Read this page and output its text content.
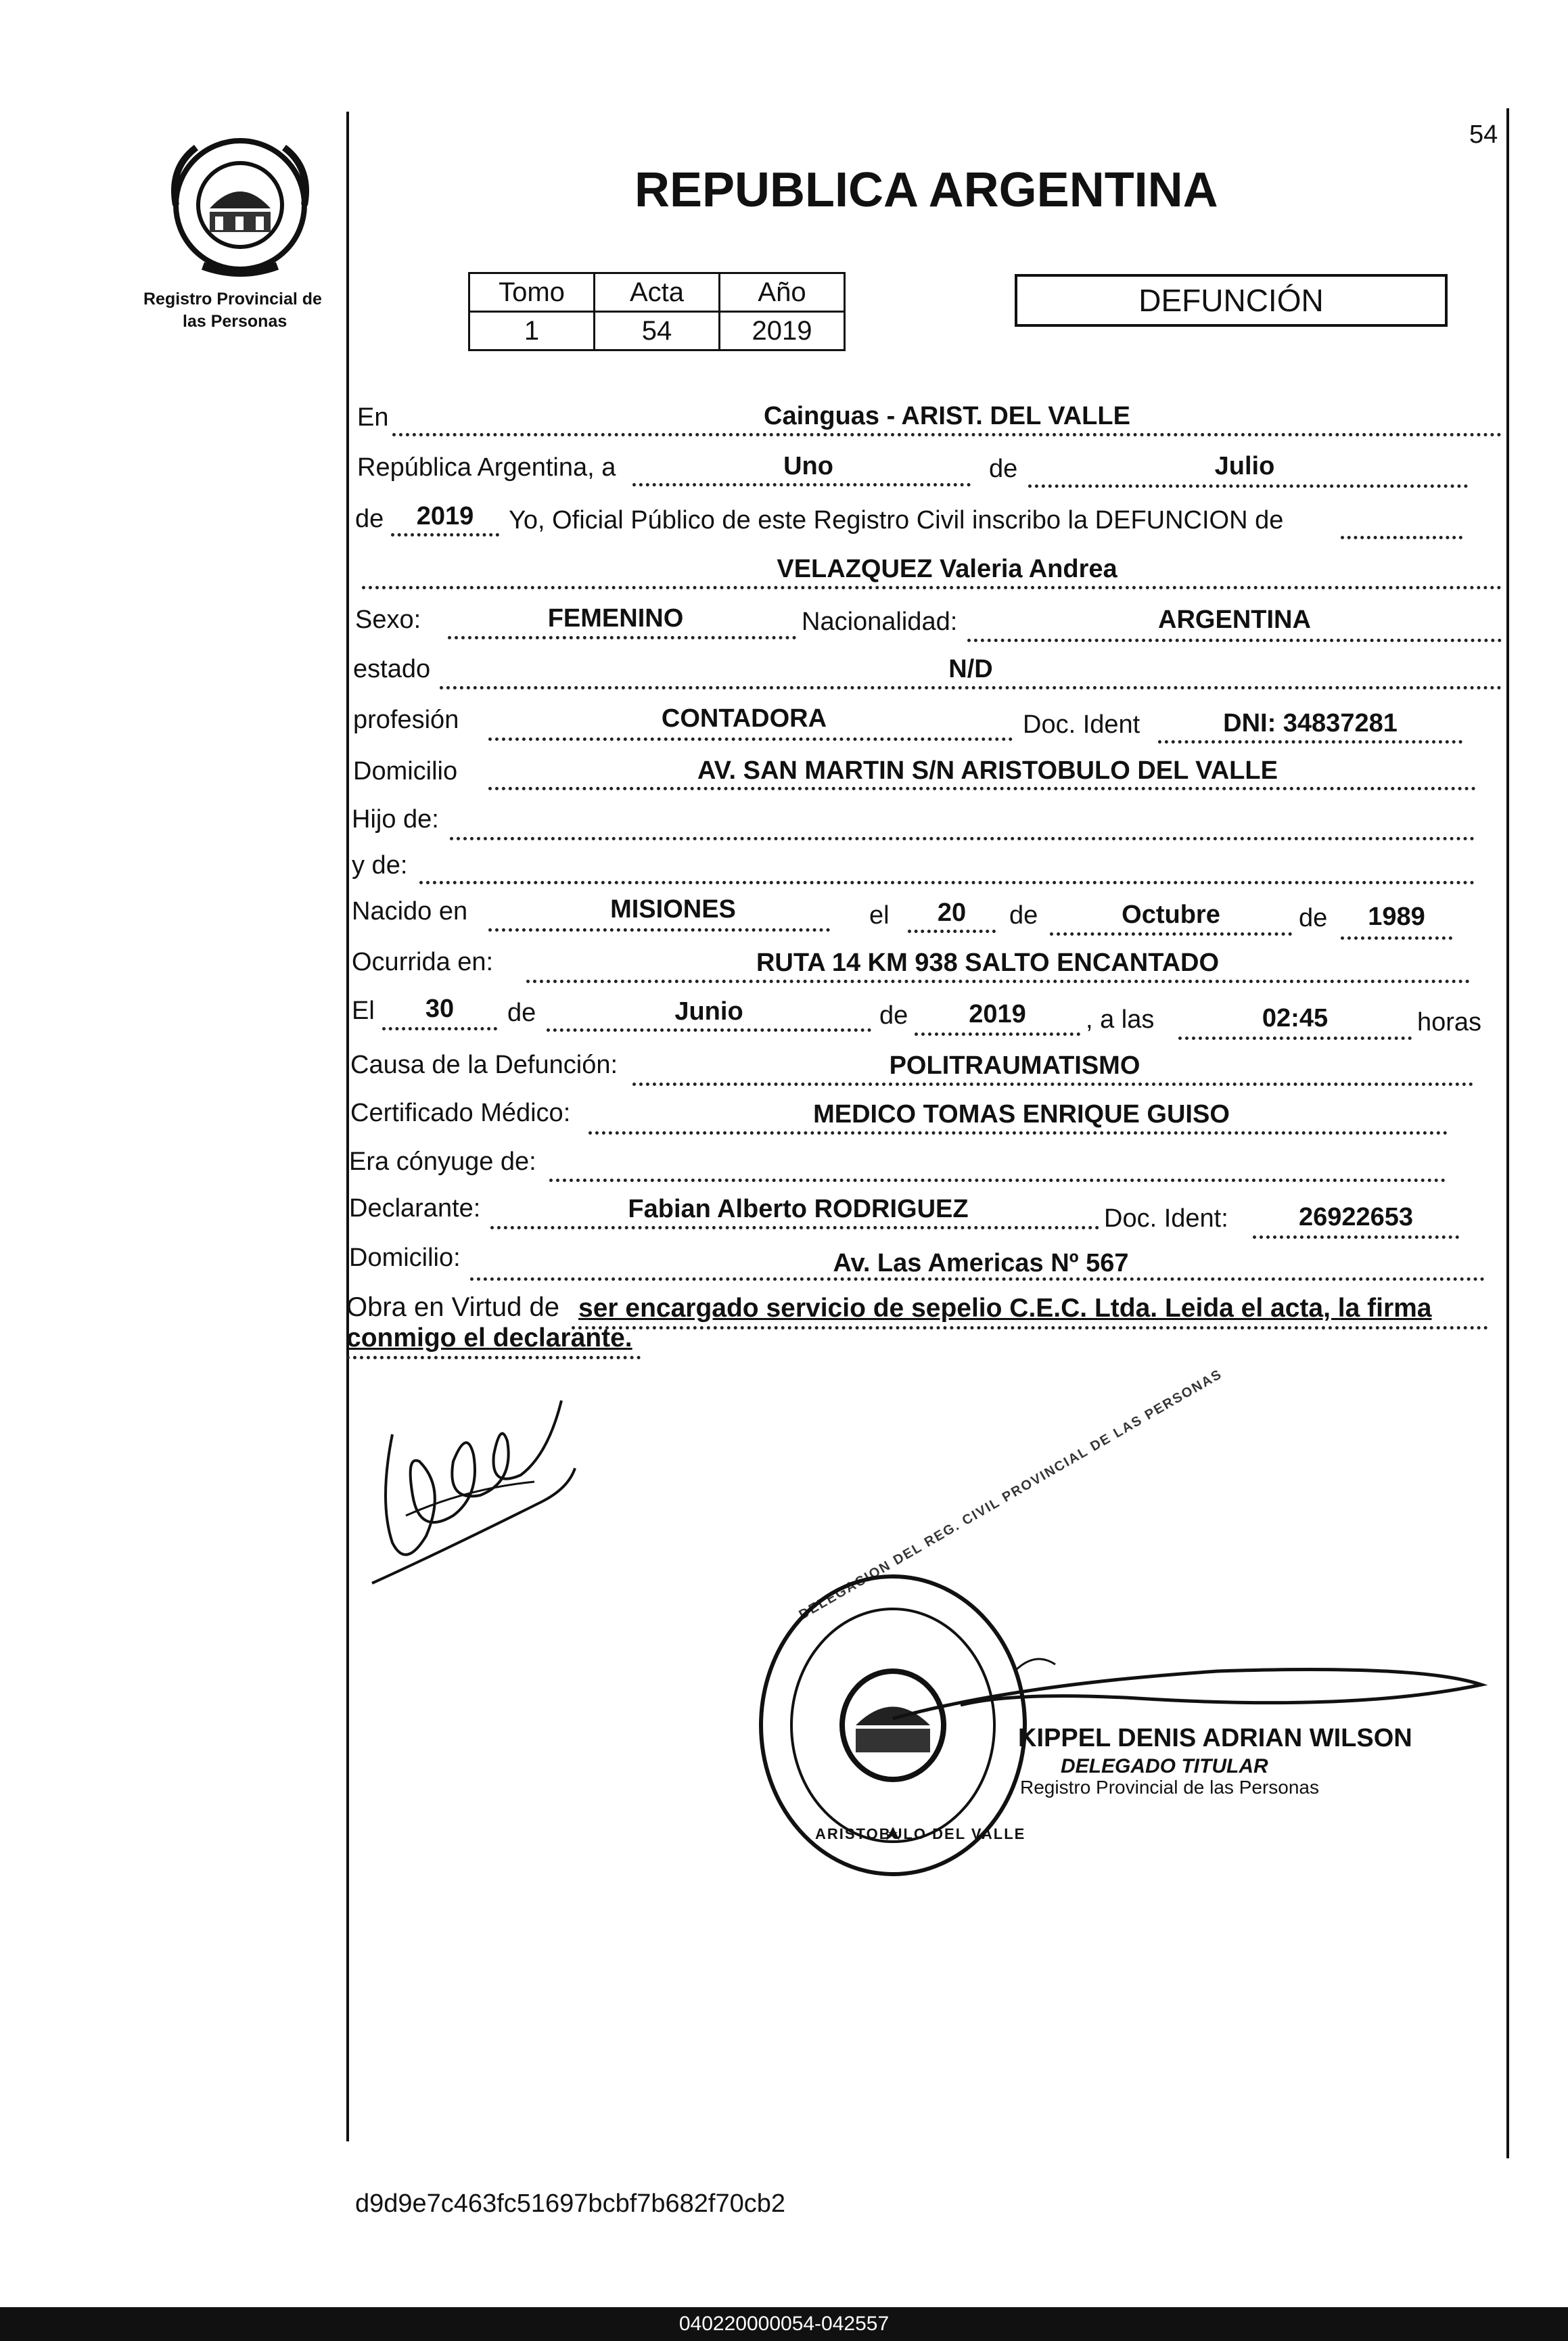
54
Registro Provincial de
las Personas
REPUBLICA ARGENTINA
Tomo	Acta	Año
1	54	2019
DEFUNCIÓN
En	Cainguas - ARIST. DEL VALLE
República Argentina, a	Uno	de	Julio
de	2019	Yo, Oficial Público de este Registro Civil inscribo la DEFUNCION de
VELAZQUEZ Valeria Andrea
Sexo:	FEMENINO	Nacionalidad:	ARGENTINA
estado	N/D
profesión	CONTADORA	Doc. Ident	DNI: 34837281
Domicilio	AV. SAN MARTIN S/N ARISTOBULO DEL VALLE
Hijo de:
y de:
Nacido en	MISIONES	el	20	de	Octubre	de	1989
Ocurrida en:	RUTA 14 KM 938 SALTO ENCANTADO
El	30	de	Junio	de	2019	, a las	02:45	horas
Causa de la Defunción:	POLITRAUMATISMO
Certificado Médico:	MEDICO TOMAS ENRIQUE GUISO
Era cónyuge de:
Declarante:	Fabian Alberto RODRIGUEZ	Doc. Ident:	26922653
Domicilio:	Av. Las Americas Nº 567
Obra en Virtud de ser encargado servicio de sepelio C.E.C. Ltda. Leida el acta, la firma
conmigo el declarante.
DELEGACION DEL REG. CIVIL PROVINCIAL DE LAS PERSONAS
ARISTOBULO DEL VALLE
KIPPEL DENIS ADRIAN WILSON
DELEGADO TITULAR
Registro Provincial de las Personas
d9d9e7c463fc51697bcbf7b682f70cb2
040220000054-042557
